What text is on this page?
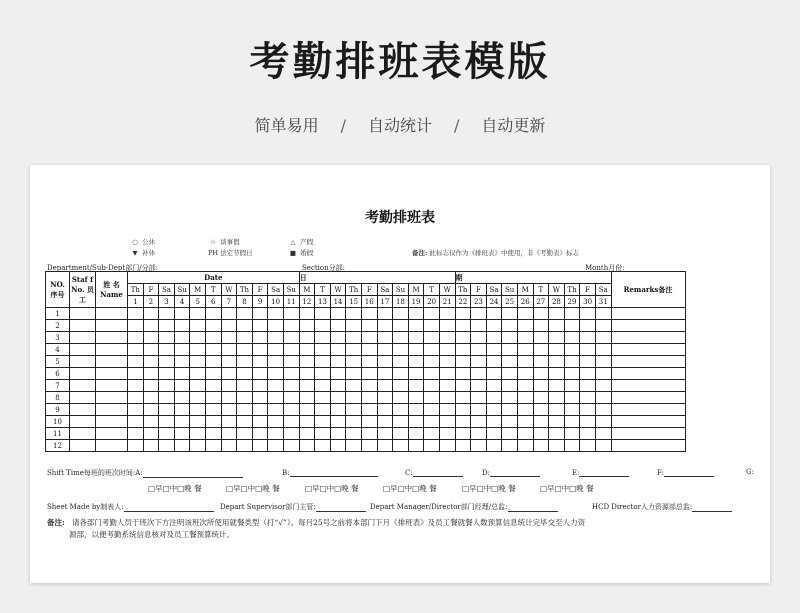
考勤排班表模版
简单易用 / 自动统计 / 自动更新
考勤排班表
○ 公休
▼ 补休
☆ 谈事假
PH 法定节假日
△ 产假
■ 婚假	备注: 此标志仅作为《排班表》中使用，非《考勤表》标志
Department/Sub-Dept部门/分部:	Section分部:	Month月份:
NO. 序号	Staf f No. 员工	姓 名 Name	Date											日										期										Remarks备注
			Th	F	Sa	Su	M	T	W	Th	F	Sa	Su	M	T	W	Th	F	Sa	Su	M	T	W	Th	F	Sa	Su	M	T	W	Th	F	Sa	
			1	2	3	4	5	6	7	8	9	10	11	12	13	14	15	16	17	18	19	20	21	22	23	24	25	26	27	28	29	30	31	
1																																		
2																																		
3																																		
4																																		
5																																		
6																																		
7																																		
8																																		
9																																		
10																																		
11																																		
12																																		
Shift Time每班的班次时间:A:	B:	C:	D:	E:	F:	G:
□早□中□晚 餐	□早□中□晚 餐	□早□中□晚 餐	□早□中□晚 餐	□早□中□晚 餐	□早□中□晚 餐
Sheet Made by制表人:	Depart Supervisor部门主管:	Depart Manager/Director部门经理/总监:	HCD Director人力资源部总监:
备注: 请各部门考勤人员于班次下方注明该班次所使用就餐类型（打“√”）。每月25号之前将本部门下月《排班表》及员工餐就餐人数预算信息统计完毕交至人力资
源部，以便考勤系统信息核对及员工餐预算统计。
